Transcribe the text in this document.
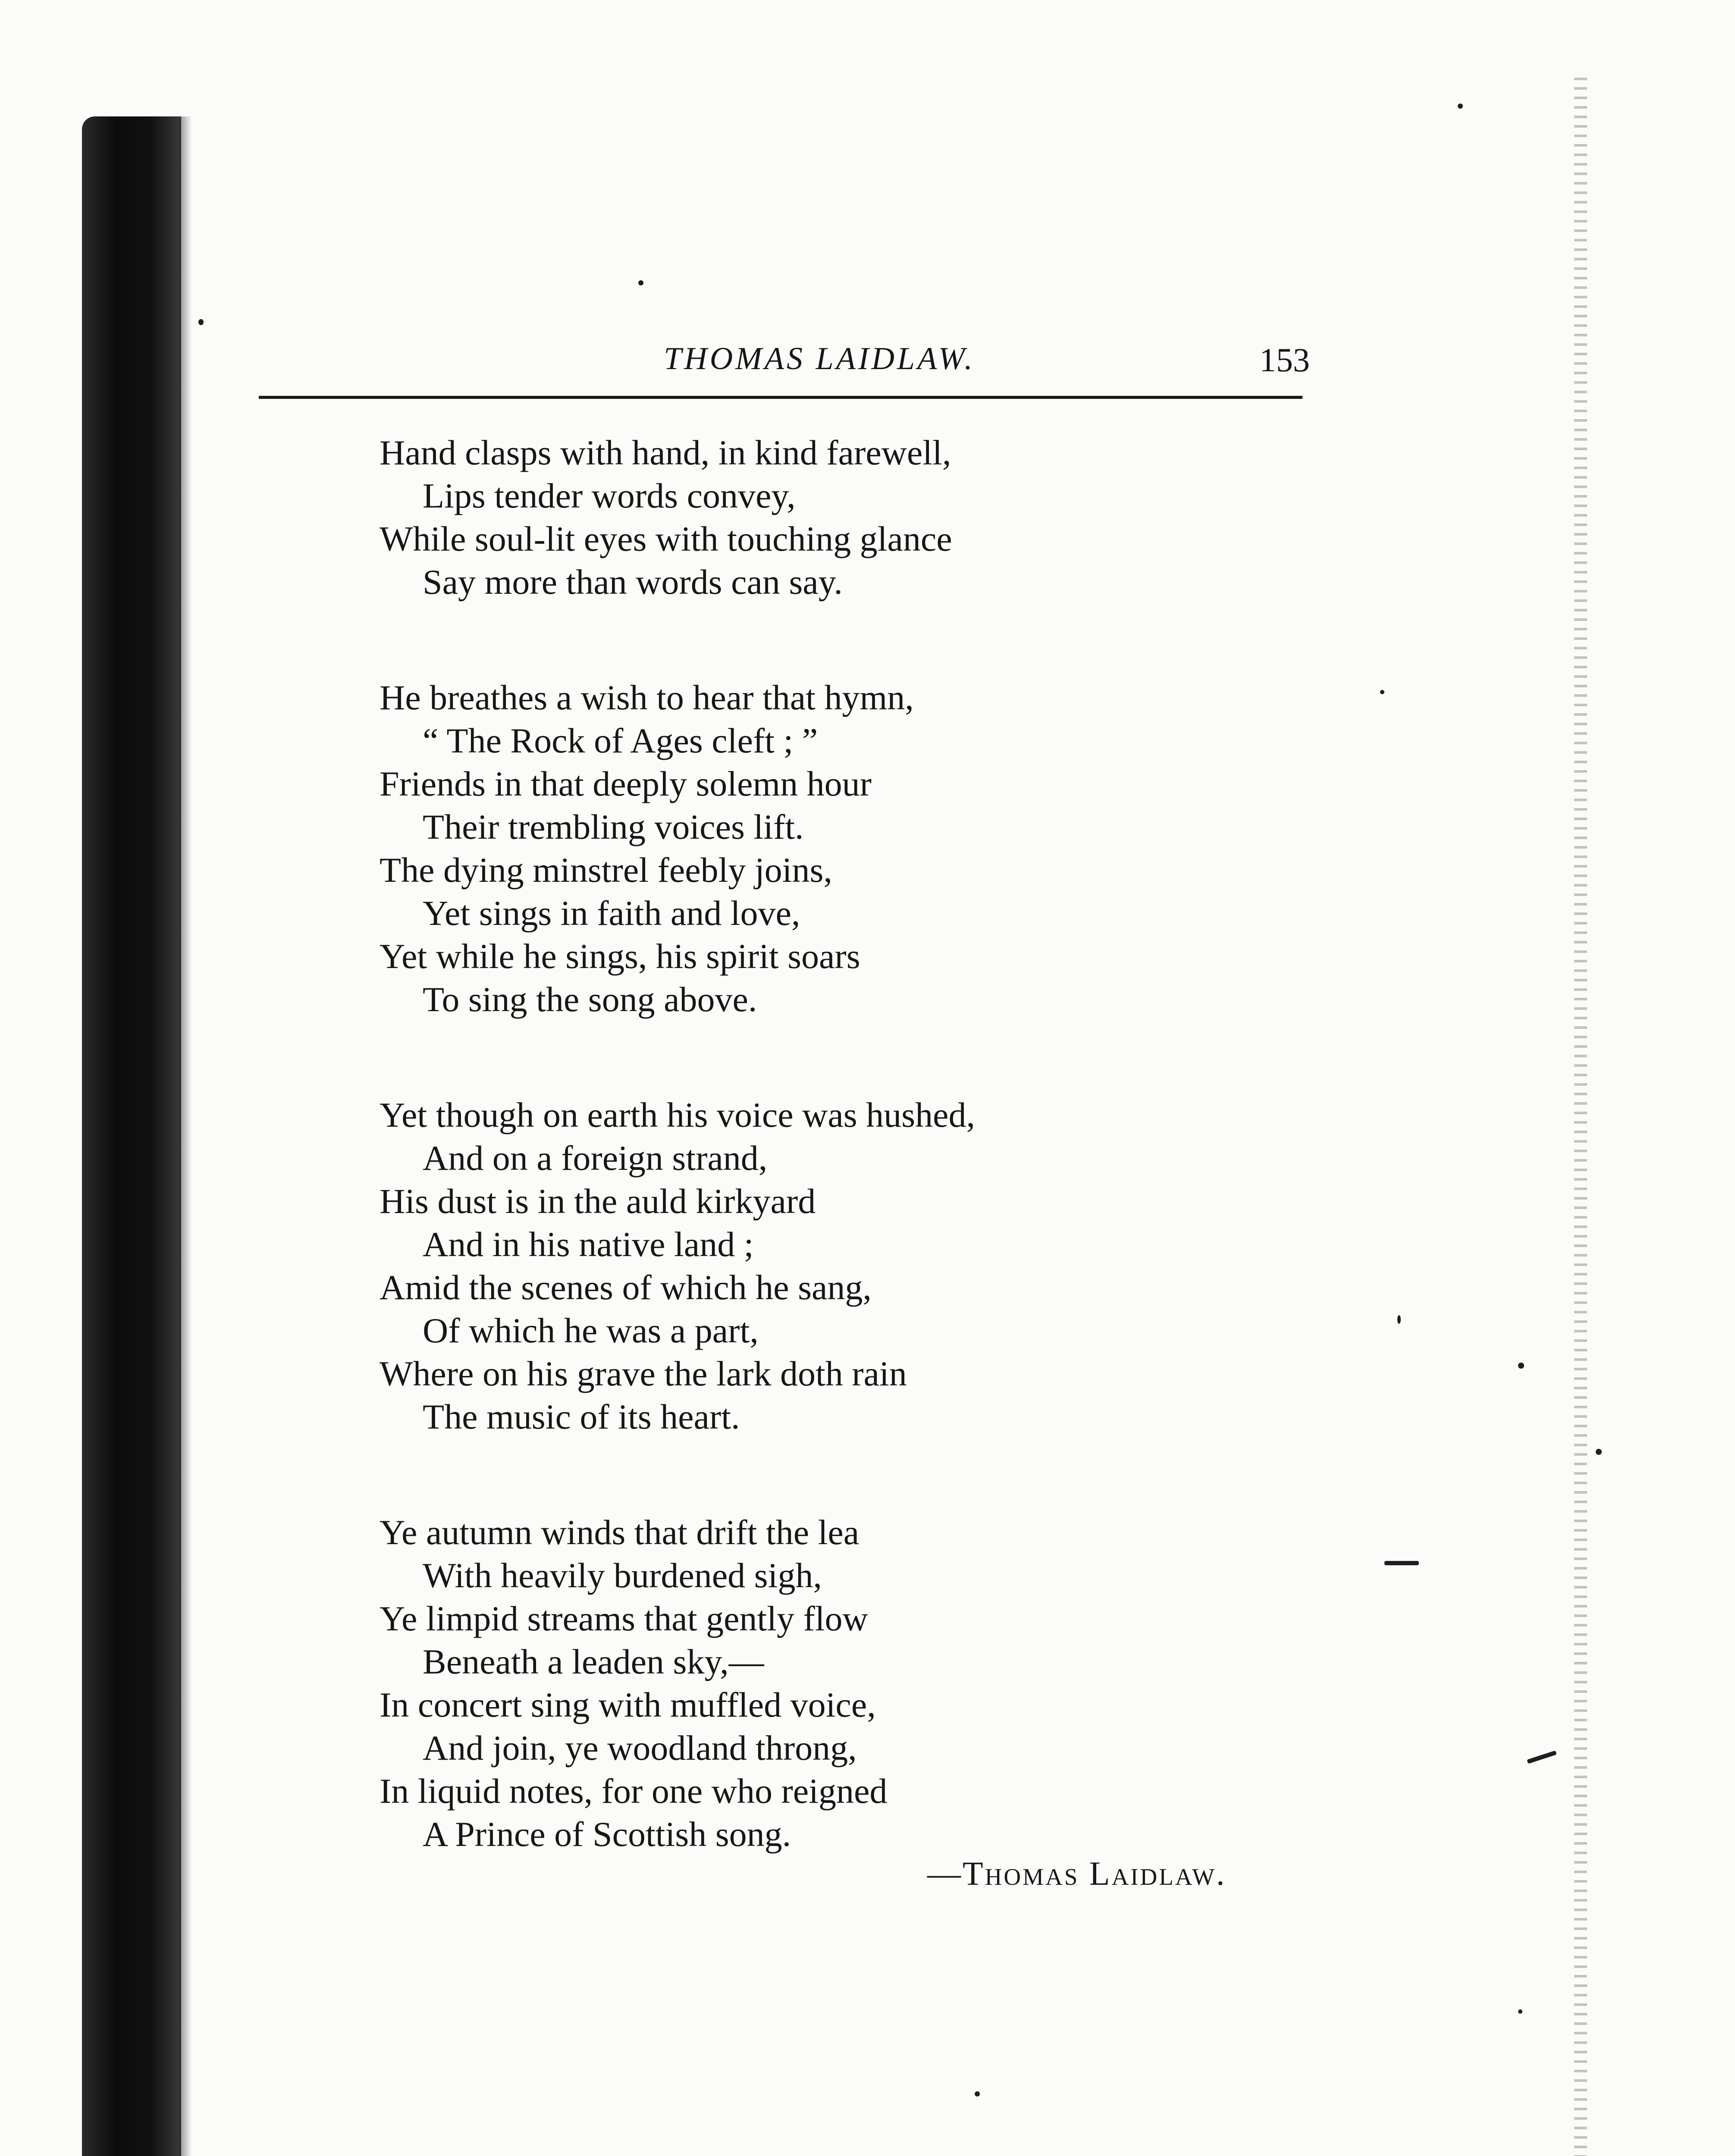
THOMAS LAIDLAW.	153
Hand clasps with hand, in kind farewell,
Lips tender words convey,
While soul-lit eyes with touching glance
Say more than words can say.
He breathes a wish to hear that hymn,
“ The Rock of Ages cleft ; ”
Friends in that deeply solemn hour
Their trembling voices lift.
The dying minstrel feebly joins,
Yet sings in faith and love,
Yet while he sings, his spirit soars
To sing the song above.
Yet though on earth his voice was hushed,
And on a foreign strand,
His dust is in the auld kirkyard
And in his native land ;
Amid the scenes of which he sang,
Of which he was a part,
Where on his grave the lark doth rain
The music of its heart.
Ye autumn winds that drift the lea
With heavily burdened sigh,
Ye limpid streams that gently flow
Beneath a leaden sky,—
In concert sing with muffled voice,
And join, ye woodland throng,
In liquid notes, for one who reigned
A Prince of Scottish song.
—Thomas Laidlaw.
